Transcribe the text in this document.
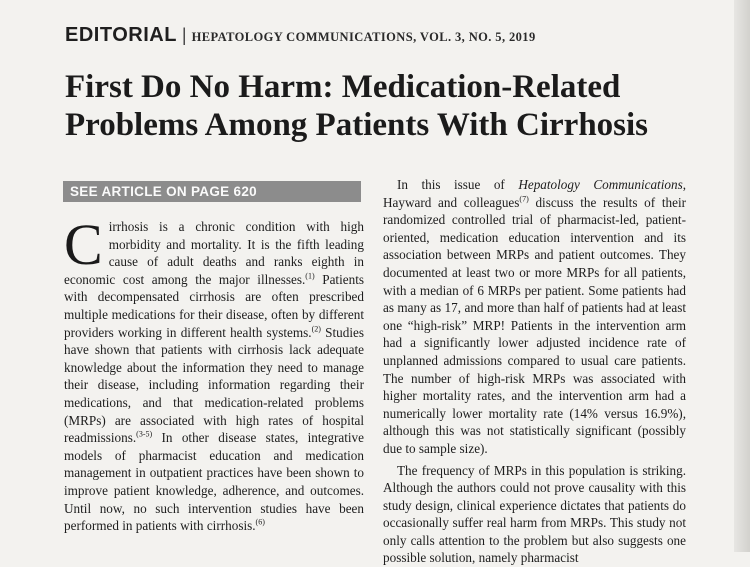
EDITORIAL | HEPATOLOGY COMMUNICATIONS, VOL. 3, NO. 5, 2019
First Do No Harm: Medication-Related Problems Among Patients With Cirrhosis
SEE ARTICLE ON PAGE 620

Cirrhosis is a chronic condition with high morbidity and mortality. It is the fifth leading cause of adult deaths and ranks eighth in economic cost among the major illnesses.$^{(1)}$ Patients with decompensated cirrhosis are often prescribed multiple medications for their disease, often by different providers working in different health systems.$^{(2)}$ Studies have shown that patients with cirrhosis lack adequate knowledge about the information they need to manage their disease, including information regarding their medications, and that medication-related problems (MRPs) are associated with high rates of hospital readmissions.$^{(3-5)}$ In other disease states, integrative models of pharmacist education and medication management in outpatient practices have been shown to improve patient knowledge, adherence, and outcomes. Until now, no such intervention studies have been performed in patients with cirrhosis.$^{(6)}$

In this issue of Hepatology Communications, Hayward and colleagues$^{(7)}$ discuss the results of their randomized controlled trial of pharmacist-led, patient-oriented, medication education intervention and its association between MRPs and patient outcomes. They documented at least two or more MRPs for all patients, with a median of 6 MRPs per patient. Some patients had as many as 17, and more than half of patients had at least one “high-risk” MRP! Patients in the intervention arm had a significantly lower adjusted incidence rate of unplanned admissions compared to usual care patients. The number of high-risk MRPs was associated with higher mortality rates, and the intervention arm had a numerically lower mortality rate (14% versus 16.9%), although this was not statistically significant (possibly due to sample size).

The frequency of MRPs in this population is striking. Although the authors could not prove causality with this study design, clinical experience dictates that patients do occasionally suffer real harm from MRPs. This study not only calls attention to the problem but also suggests one possible solution, namely pharmacist
